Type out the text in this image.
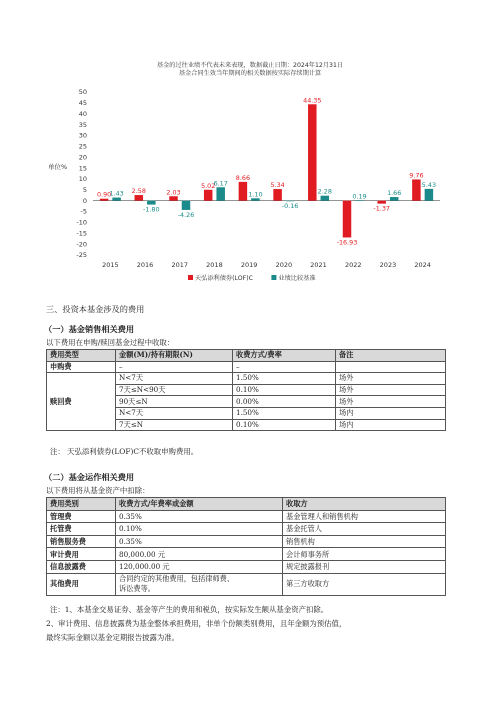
基金的过往业绩不代表未来表现，数据截止日期：2024年12月31日
基金合同生效当年期间的相关数据按实际存续期计算
-25
-20
-15
-10
-5
0
5
10
15
20
25
30
35
40
45
50
单位%
0.90
1.43
2015
2.58
-1.80
2016
2.03
-4.26
2017
5.02
6.17
2018
8.66
1.10
2019
5.34
-0.16
2020
44.35
2.28
2021
-16.93
0.19
2022
-1.37
1.66
2023
9.76
5.43
2024
天弘添利债券(LOF)C	业绩比较基准
三、投资本基金涉及的费用
（一）基金销售相关费用
以下费用在申购/赎回基金过程中收取：
费用类型	金额(M)/持有期限(N)	收费方式/费率	备注
申购费	–	–	
赎回费	N<7天	1.50%	场外
	7天≤N<90天	0.10%	场外
	90天≤N	0.00%	场外
	N<7天	1.50%	场内
	7天≤N	0.10%	场内
注： 天弘添利债券(LOF)C不收取申购费用。
（二）基金运作相关费用
以下费用将从基金资产中扣除：
费用类别	收费方式/年费率或金额	收取方
管理费	0.35%	基金管理人和销售机构
托管费	0.10%	基金托管人
销售服务费	0.35%	销售机构
审计费用	80,000.00 元	会计师事务所
信息披露费	120,000.00 元	规定披露报刊
其他费用	合同约定的其他费用，包括律师费、
诉讼费等。	第三方收取方
注：1、本基金交易证券、基金等产生的费用和税负，按实际发生额从基金资产扣除。
2、审计费用、信息披露费为基金整体承担费用，非单个份额类别费用，且年金额为预估值，
最终实际金额以基金定期报告披露为准。
